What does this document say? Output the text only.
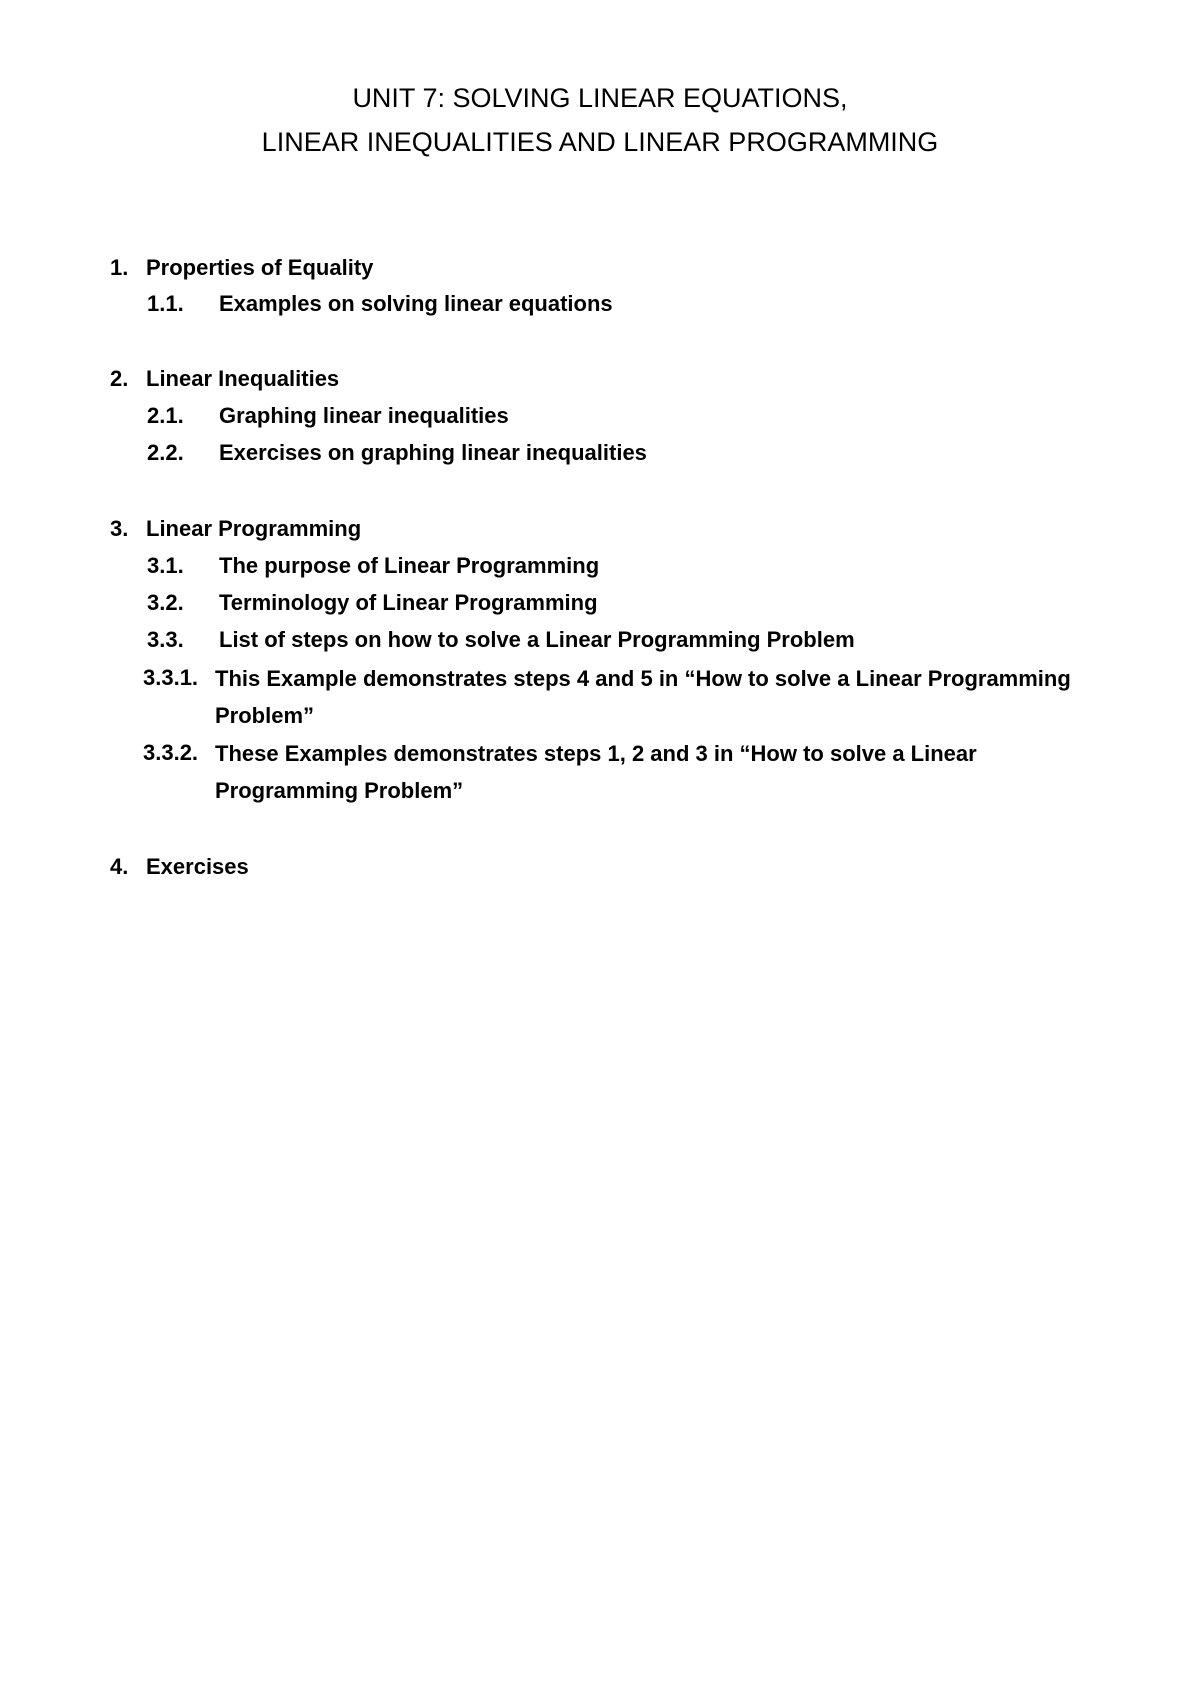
UNIT 7: SOLVING LINEAR EQUATIONS,
LINEAR INEQUALITIES AND LINEAR PROGRAMMING
1. Properties of Equality
1.1. Examples on solving linear equations
2. Linear Inequalities
2.1. Graphing linear inequalities
2.2. Exercises on graphing linear inequalities
3. Linear Programming
3.1. The purpose of Linear Programming
3.2. Terminology of Linear Programming
3.3. List of steps on how to solve a Linear Programming Problem
3.3.1. This Example demonstrates steps 4 and 5 in “How to solve a Linear Programming Problem”
3.3.2. These Examples demonstrates steps 1, 2 and 3 in “How to solve a Linear Programming Problem”
4. Exercises
